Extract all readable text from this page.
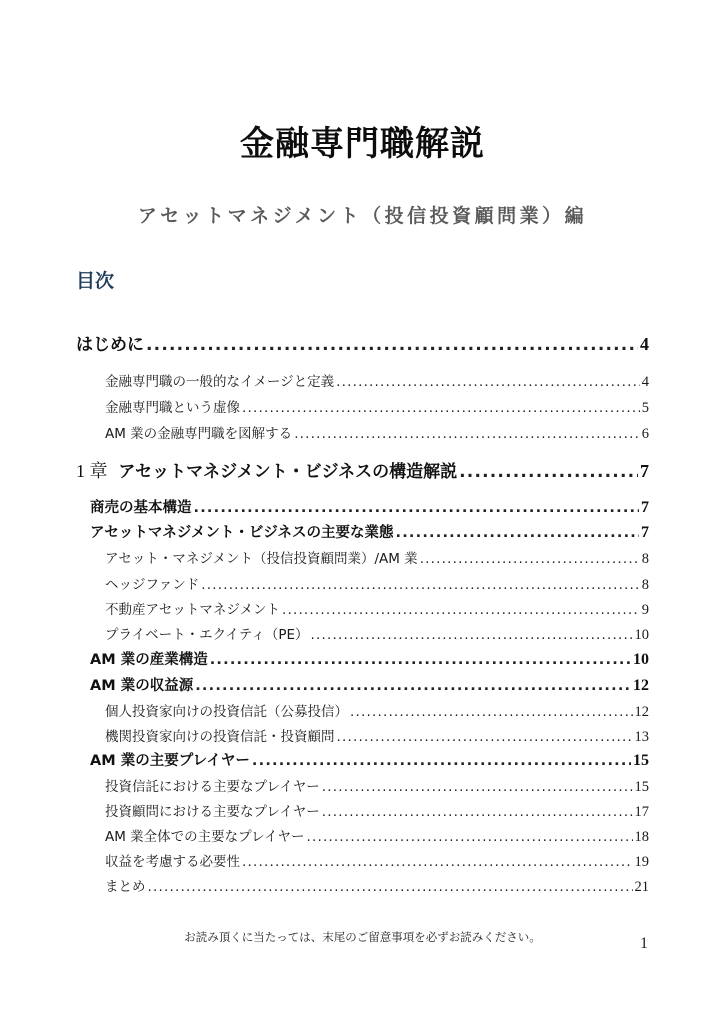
金融専門職解説
アセットマネジメント（投信投資顧問業）編
目次
はじめに .....	4
金融専門職の一般的なイメージと定義 .....	4
金融専門職という虚像 .....	5
AM 業の金融専門職を図解する .....	6
1 章 アセットマネジメント・ビジネスの構造解説 .....	7
商売の基本構造 .....	7
アセットマネジメント・ビジネスの主要な業態 .....	7
アセット・マネジメント（投信投資顧問業）/AM 業 .....	8
ヘッジファンド .....	8
不動産アセットマネジメント .....	9
プライベート・エクイティ（PE） .....	10
AM 業の産業構造 .....	10
AM 業の収益源 .....	12
個人投資家向けの投資信託（公募投信） .....	12
機関投資家向けの投資信託・投資顧問 .....	13
AM 業の主要プレイヤー .....	15
投資信託における主要なプレイヤー .....	15
投資顧問における主要なプレイヤー .....	17
AM 業全体での主要なプレイヤー .....	18
収益を考慮する必要性 .....	19
まとめ .....	21
お読み頂くに当たっては、末尾のご留意事項を必ずお読みください。	1
